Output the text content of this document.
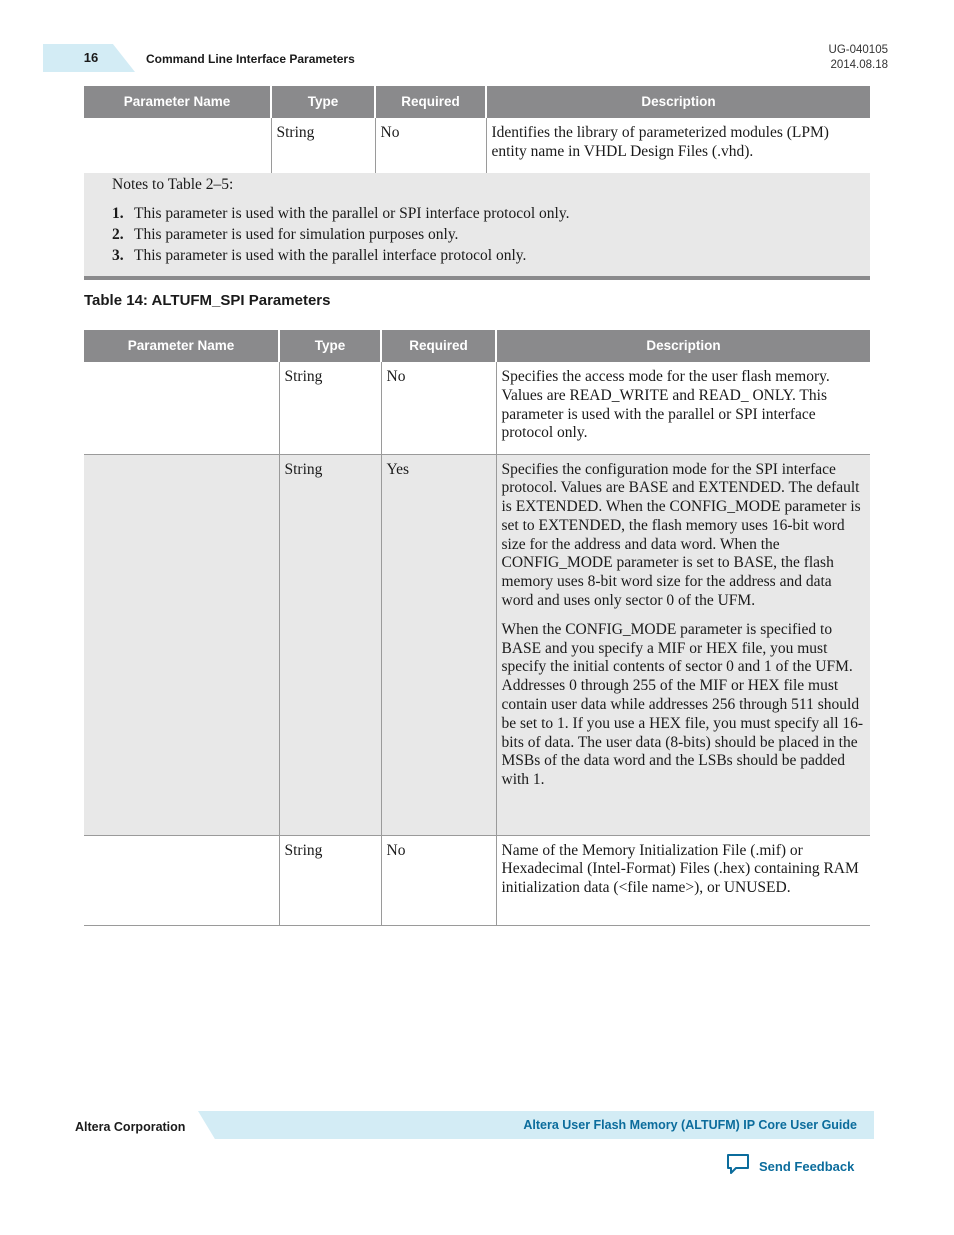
16	Command Line Interface Parameters
UG-040105
2014.08.18
Parameter Name	Type	Required	Description
	String	No	Identifies the library of parameterized modules (LPM) entity name in VHDL Design Files (.vhd).

Notes to Table 2–5:
1. This parameter is used with the parallel or SPI interface protocol only.
2. This parameter is used for simulation purposes only.
3. This parameter is used with the parallel interface protocol only.
Table 14: ALTUFM_SPI Parameters
Parameter Name	Type	Required	Description
	String	No	Specifies the access mode for the user flash memory. Values are READ_WRITE and READ_ ONLY. This parameter is used with the parallel or SPI interface protocol only.

	String	Yes	Specifies the configuration mode for the SPI interface protocol. Values are BASE and EXTENDED. The default is EXTENDED. When the CONFIG_MODE parameter is set to EXTENDED, the flash memory uses 16-bit word size for the address and data word. When the CONFIG_MODE parameter is set to BASE, the flash memory uses 8-bit word size for the address and data word and uses only sector 0 of the UFM.

When the CONFIG_MODE parameter is specified to BASE and you specify a MIF or HEX file, you must specify the initial contents of sector 0 and 1 of the UFM. Addresses 0 through 255 of the MIF or HEX file must contain user data while addresses 256 through 511 should be set to 1. If you use a HEX file, you must specify all 16-bits of data. The user data (8-bits) should be placed in the MSBs of the data word and the LSBs should be padded with 1.

	String	No	Name of the Memory Initialization File (.mif) or Hexadecimal (Intel-Format) Files (.hex) containing RAM initialization data (<file name>), or UNUSED.

Altera Corporation	Altera User Flash Memory (ALTUFM) IP Core User Guide
Send Feedback
